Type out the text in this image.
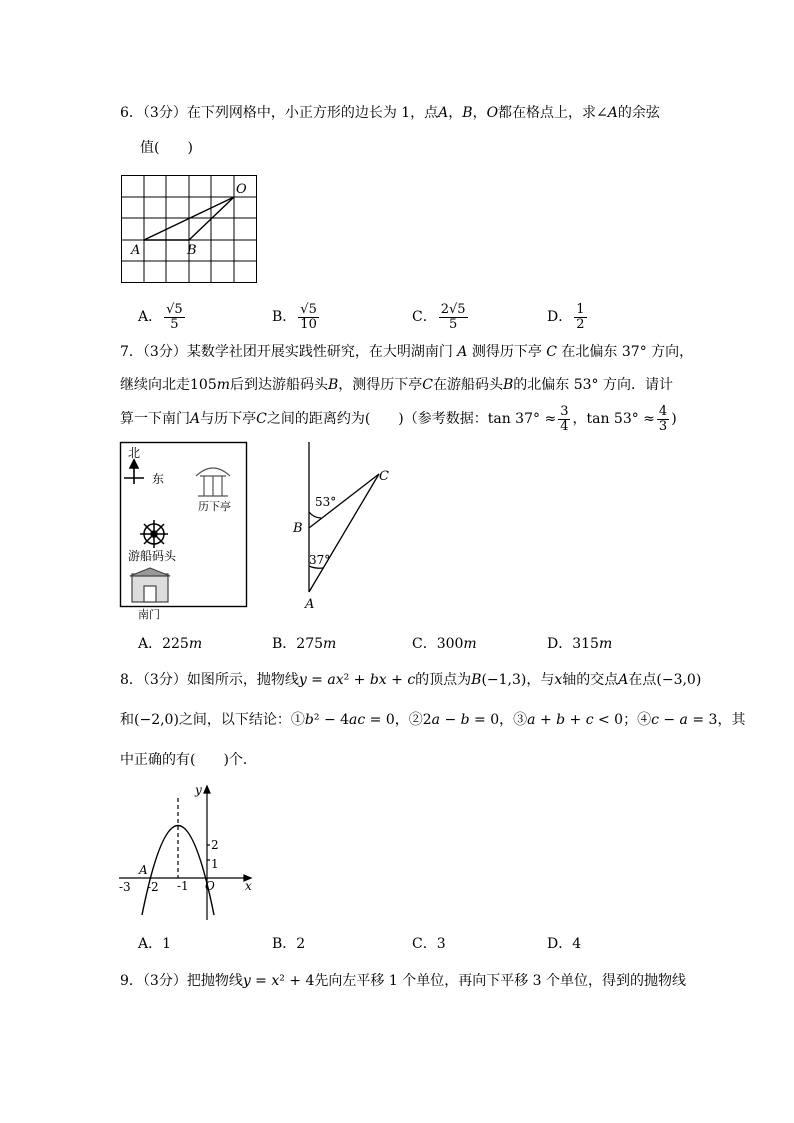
6．（3分）在下列网格中，小正方形的边长为 1，点𝐴，𝐵，𝑂都在格点上，求∠𝐴的余弦
值(　　)
O
A	B
A． $\frac{√5}{5}$	B． $\frac{√5}{10}$	C． $\frac{2√5}{5}$	D． $\frac{1}{2}$
7．（3分）某数学社团开展实践性研究，在大明湖南门 𝐴 测得历下亭 𝐶 在北偏东 37° 方向，
继续向北走105𝑚后到达游船码头𝐵，测得历下亭𝐶在游船码头𝐵的北偏东 53° 方向．请计
算一下南门𝐴与历下亭𝐶之间的距离约为(　　)（参考数据：$\tan 37^\circ \approx \frac{3}{4}$ ，$\tan 53^\circ \approx \frac{4}{3}$ )
北
东
历下亭
游船码头
南门
C
B
A
53°
37°
A．225𝑚	B．275𝑚	C．300𝑚	D．315𝑚
8．（3分）如图所示，抛物线𝑦 = 𝑎𝑥² + 𝑏𝑥 + 𝑐的顶点为𝐵(−1,3)，与𝑥轴的交点𝐴在点(−3,0)
和(−2,0)之间，以下结论：①𝑏² − 4𝑎𝑐 = 0，②2𝑎 − 𝑏 = 0，③𝑎 + 𝑏 + 𝑐 < 0；④𝑐 − 𝑎 = 3，其
中正确的有(　　)个．
y
x
O
A
2
1
-1
-2
-3
A．1	B．2	C．3	D．4
9．（3分）把抛物线𝑦 = 𝑥² + 4先向左平移 1 个单位，再向下平移 3 个单位，得到的抛物线
